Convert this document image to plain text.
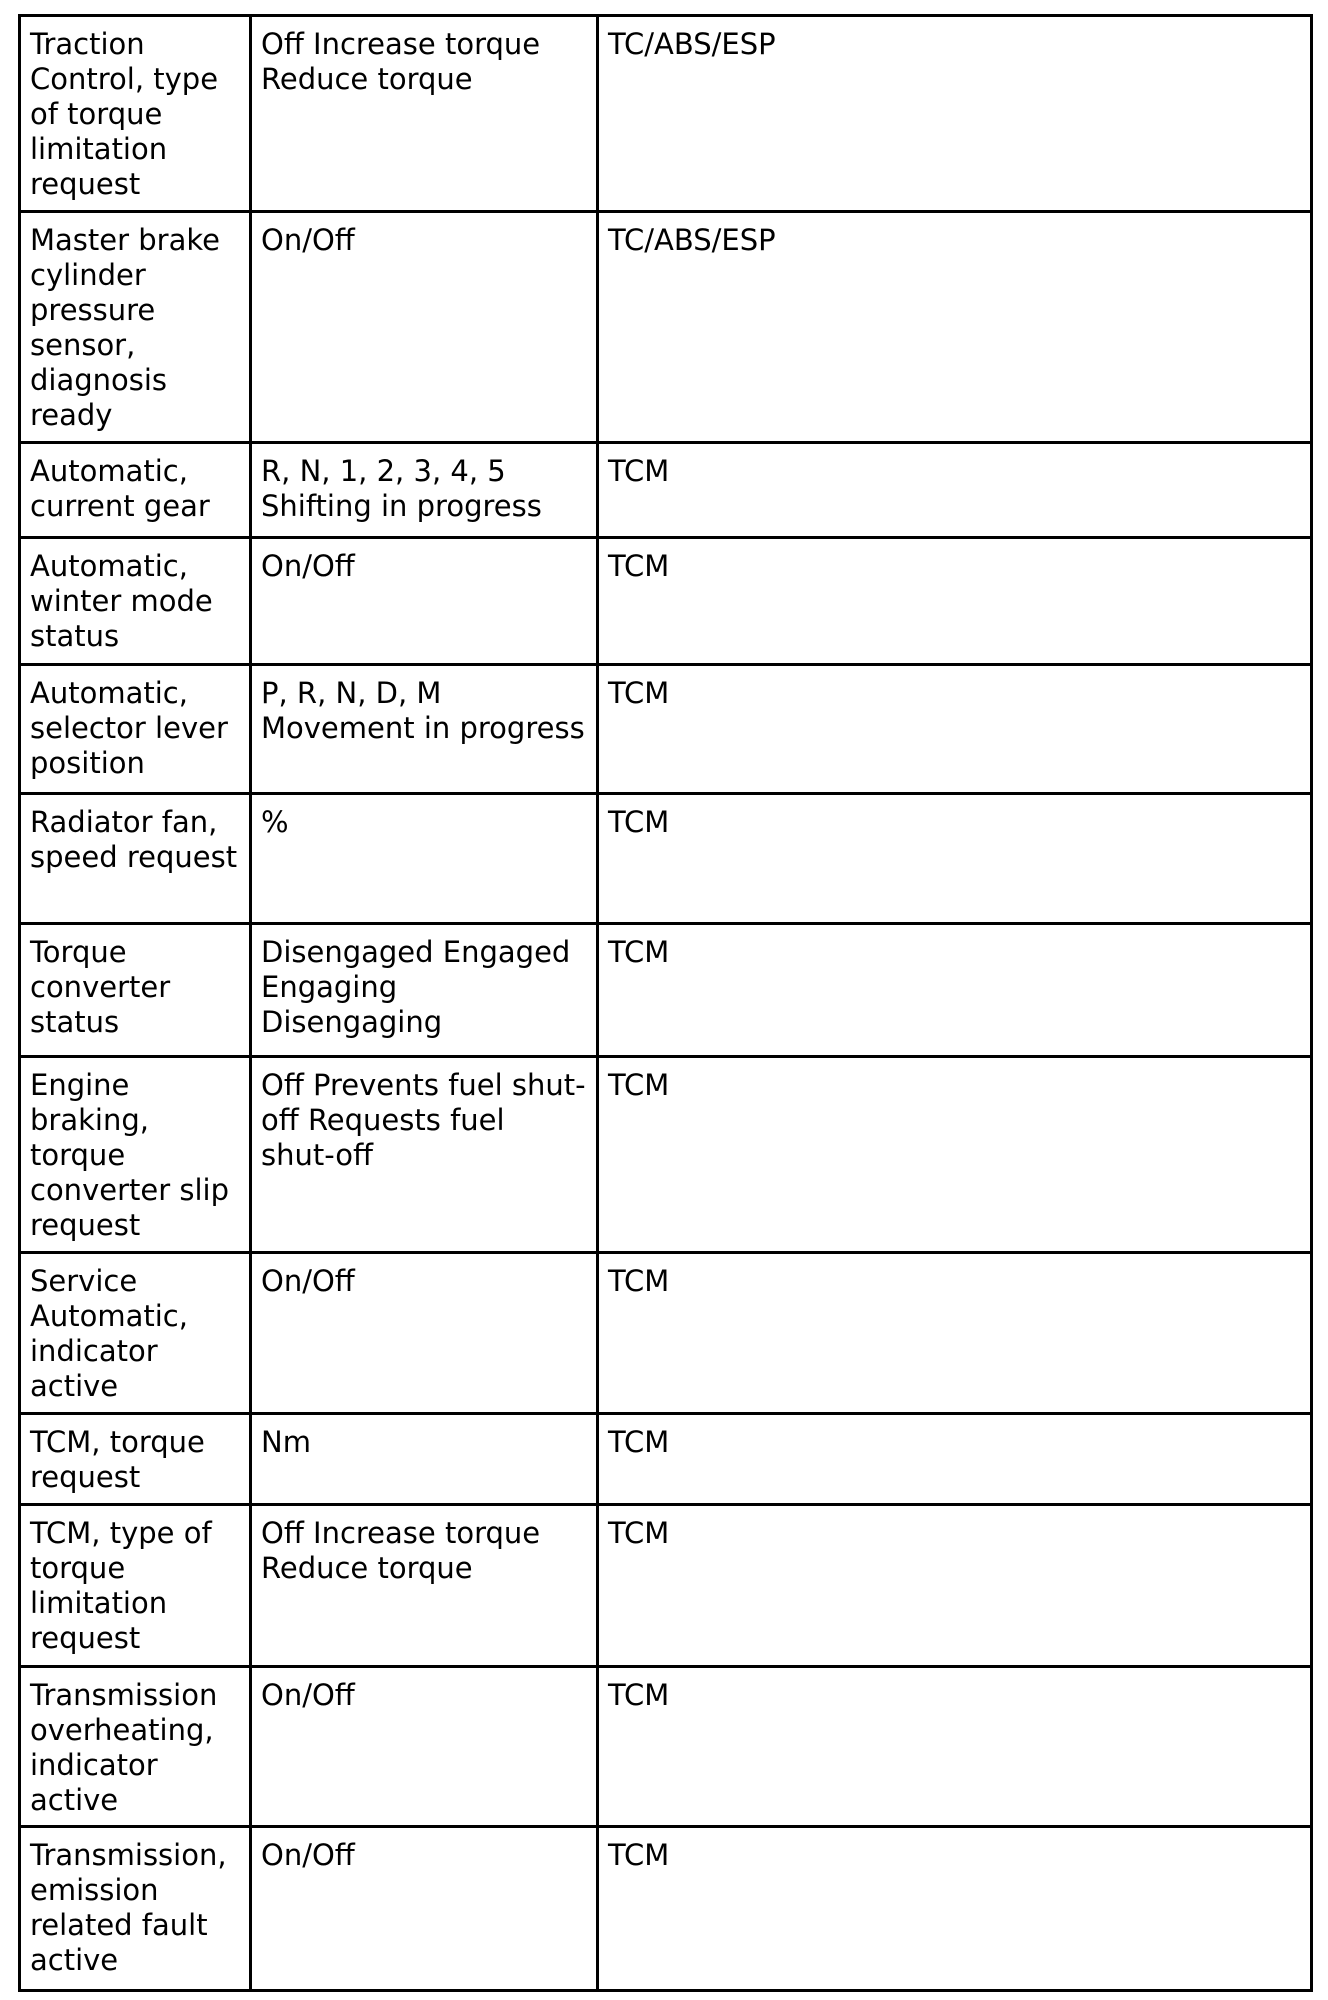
Traction Control, type of torque limitation request	Off Increase torque Reduce torque	TC/ABS/ESP
Master brake cylinder pressure sensor, diagnosis ready	On/Off	TC/ABS/ESP
Automatic, current gear	R, N, 1, 2, 3, 4, 5 Shifting in progress	TCM
Automatic, winter mode status	On/Off	TCM
Automatic, selector lever position	P, R, N, D, M Movement in progress	TCM
Radiator fan, speed request	%	TCM
Torque converter status	Disengaged Engaged Engaging Disengaging	TCM
Engine braking, torque converter slip request	Off Prevents fuel shut-off Requests fuel shut-off	TCM
Service Automatic, indicator active	On/Off	TCM
TCM, torque request	Nm	TCM
TCM, type of torque limitation request	Off Increase torque Reduce torque	TCM
Transmission overheating, indicator active	On/Off	TCM
Transmission, emission related fault active	On/Off	TCM
